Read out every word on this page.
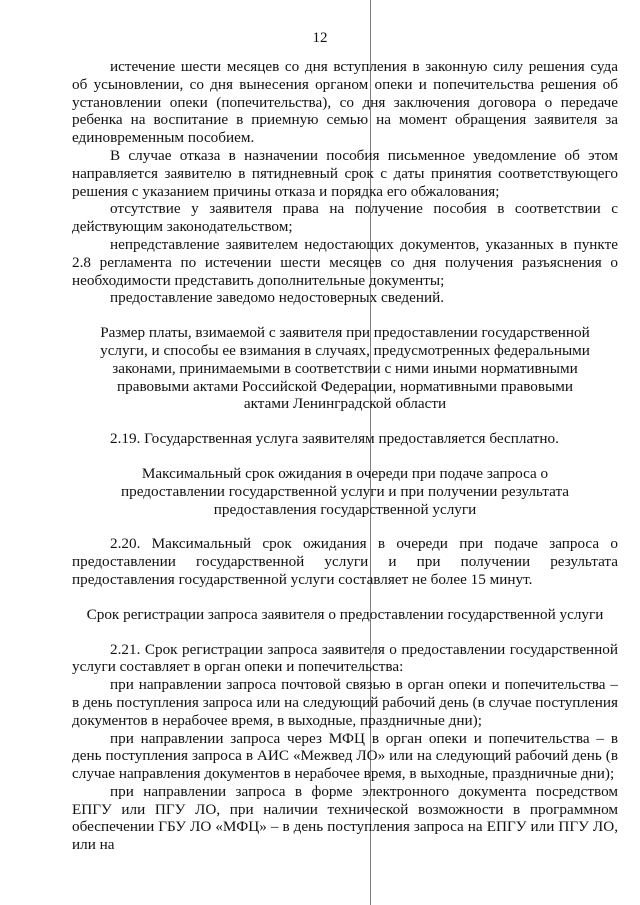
12

истечение шести месяцев со дня вступления в законную силу решения суда об усыновлении, со дня вынесения органом опеки и попечительства решения об установлении опеки (попечительства), со дня заключения договора о передаче ребенка на воспитание в приемную семью на момент обращения заявителя за единовременным пособием.

В случае отказа в назначении пособия письменное уведомление об этом направляется заявителю в пятидневный срок с даты принятия соответствующего решения с указанием причины отказа и порядка его обжалования;

отсутствие у заявителя права на получение пособия в соответствии с действующим законодательством;

непредставление заявителем недостающих документов, указанных в пункте 2.8 регламента по истечении шести месяцев со дня получения разъяснения о необходимости представить дополнительные документы;

предоставление заведомо недостоверных сведений.

Размер платы, взимаемой с заявителя при предоставлении государственной услуги, и способы ее взимания в случаях, предусмотренных федеральными законами, принимаемыми в соответствии с ними иными нормативными правовыми актами Российской Федерации, нормативными правовыми актами Ленинградской области

2.19. Государственная услуга заявителям предоставляется бесплатно.

Максимальный срок ожидания в очереди при подаче запроса о предоставлении государственной услуги и при получении результата предоставления государственной услуги

2.20. Максимальный срок ожидания в очереди при подаче запроса о предоставлении государственной услуги и при получении результата предоставления государственной услуги составляет не более 15 минут.

Срок регистрации запроса заявителя о предоставлении государственной услуги

2.21. Срок регистрации запроса заявителя о предоставлении государственной услуги составляет в орган опеки и попечительства:

при направлении запроса почтовой связью в орган опеки и попечительства – в день поступления запроса или на следующий рабочий день (в случае поступления документов в нерабочее время, в выходные, праздничные дни);

при направлении запроса через МФЦ в орган опеки и попечительства – в день поступления запроса в АИС «Межвед ЛО» или на следующий рабочий день (в случае направления документов в нерабочее время, в выходные, праздничные дни);

при направлении запроса в форме электронного документа посредством ЕПГУ или ПГУ ЛО, при наличии технической возможности в программном обеспечении ГБУ ЛО «МФЦ» – в день поступления запроса на ЕПГУ или ПГУ ЛО, или на
